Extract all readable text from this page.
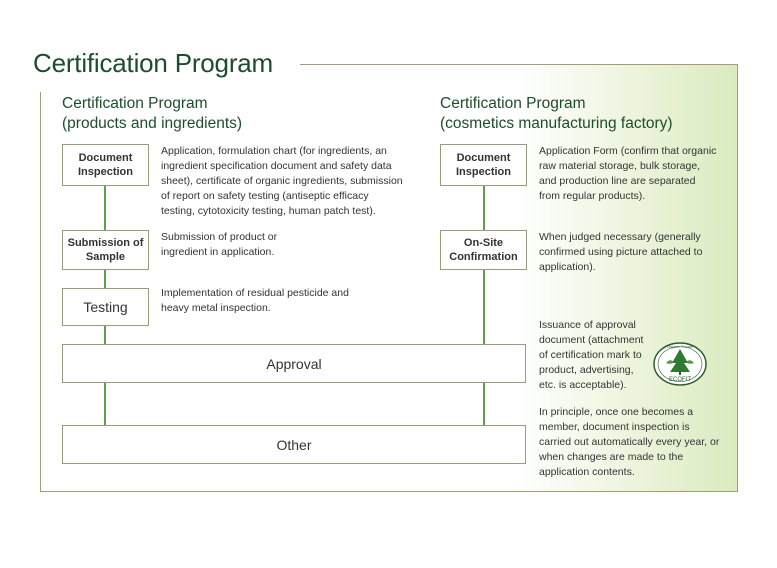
Certification Program
Certification Program
(products and ingredients)
Certification Program
(cosmetics manufacturing factory)
Document
Inspection
Submission of
Sample
Testing
Document
Inspection
On-Site
Confirmation
Approval
Other
Application, formulation chart (for ingredients, an ingredient specification document and safety data sheet), certificate of organic ingredients, submission of report on safety testing (antiseptic efficacy testing, cytotoxicity testing, human patch test).
Submission of product or ingredient in application.
Implementation of residual pesticide and heavy metal inspection.
Application Form (confirm that organic raw material storage, bulk storage, and production line are separated from regular products).
When judged necessary (generally confirmed using picture attached to application).
Issuance of approval document (attachment of certification mark to product, advertising, etc. is acceptable).
In principle, once one becomes a member, document inspection is carried out automatically every year, or when changes are made to the application contents.
Organic Cosme
ECOFIT
